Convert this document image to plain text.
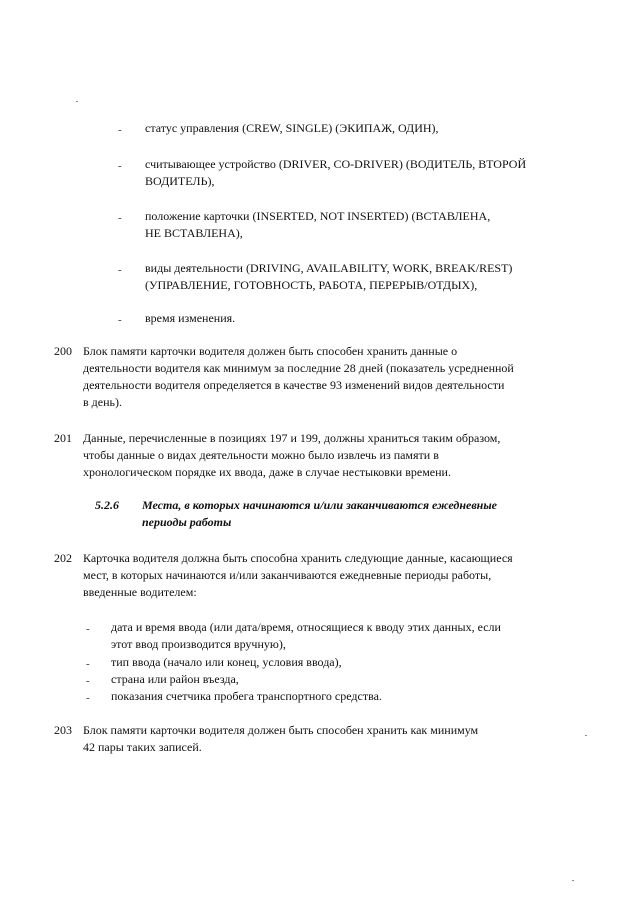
-	статус управления (CREW, SINGLE) (ЭКИПАЖ, ОДИН),
-	считывающее устройство (DRIVER, CO-DRIVER) (ВОДИТЕЛЬ, ВТОРОЙ
ВОДИТЕЛЬ),
-	положение карточки (INSERTED, NOT INSERTED) (ВСТАВЛЕНА,
НЕ ВСТАВЛЕНА),
-	виды деятельности (DRIVING, AVAILABILITY, WORK, BREAK/REST)
(УПРАВЛЕНИЕ, ГОТОВНОСТЬ, РАБОТА, ПЕРЕРЫВ/ОТДЫХ),
-	время изменения.
200 Блок памяти карточки водителя должен быть способен хранить данные о
деятельности водителя как минимум за последние 28 дней (показатель усредненной
деятельности водителя определяется в качестве 93 изменений видов деятельности
в день).
201 Данные, перечисленные в позициях 197 и 199, должны храниться таким образом,
чтобы данные о видах деятельности можно было извлечь из памяти в
хронологическом порядке их ввода, даже в случае нестыковки времени.
5.2.6 Места, в которых начинаются и/или заканчиваются ежедневные
периоды работы
202 Карточка водителя должна быть способна хранить следующие данные, касающиеся
мест, в которых начинаются и/или заканчиваются ежедневные периоды работы,
введенные водителем:
-	дата и время ввода (или дата/время, относящиеся к вводу этих данных, если
этот ввод производится вручную),
-	тип ввода (начало или конец, условия ввода),
-	страна или район въезда,
-	показания счетчика пробега транспортного средства.
203 Блок памяти карточки водителя должен быть способен хранить как минимум
42 пары таких записей.
